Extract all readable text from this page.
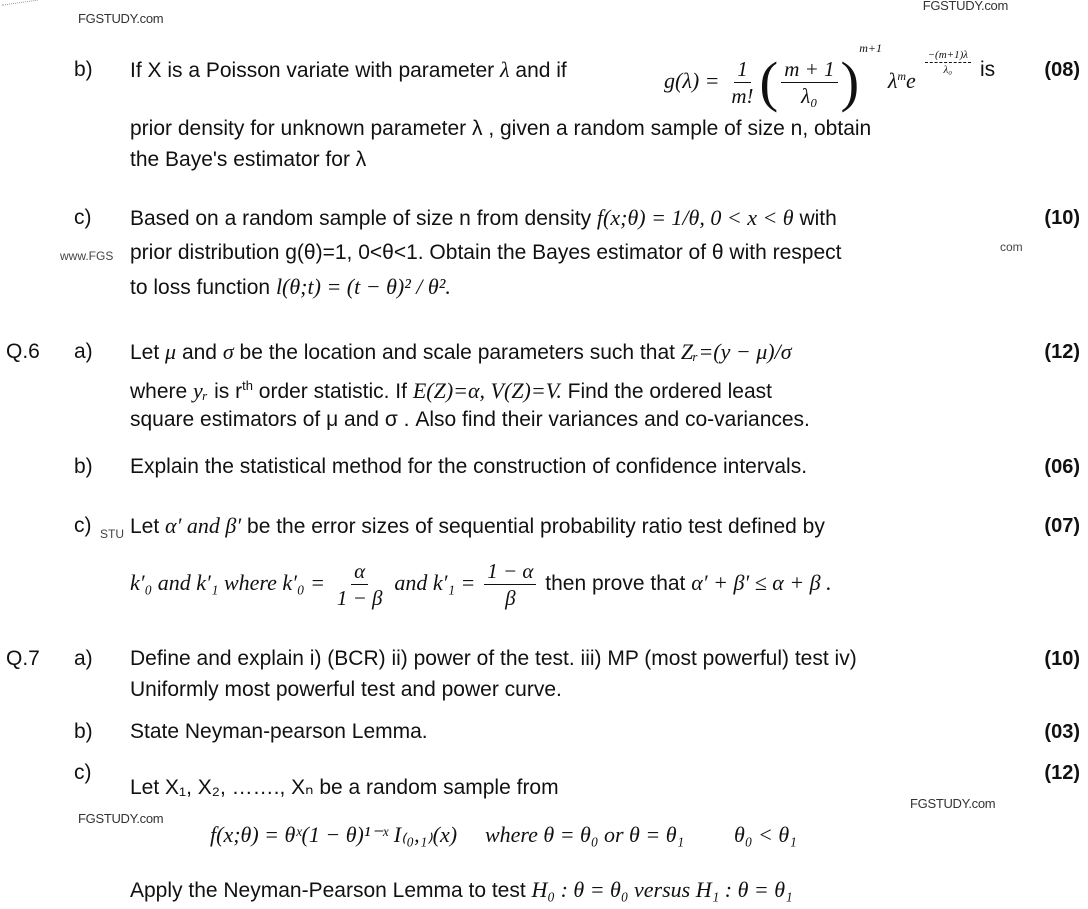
FGSTUDY.com
FGSTUDY.com
b) If X is a Poisson variate with parameter λ and if	$g(\lambda) = \frac{1}{m!}$ ( $\frac{m + 1}{\text{λ₀}} )^{m+1}$ $\lambda^me$
$\frac{-(m+1)\lambda}{\text{λ₀}}$ is (08)
prior density for unknown parameter λ , given a random sample of size n, obtain
the Baye's estimator for λ
c) Based on a random sample of size n from density f(x;θ) = 1/θ, 0 < x < θ with	(10)
www.FGS prior distribution g(θ)=1, 0<θ<1. Obtain the Bayes estimator of θ with respect	com
to loss function l(θ;t) = (t − θ)² / θ².
Q.6 a) Let μ and σ be the location and scale parameters such that Zᵣ=(y − μ)/σ	(12)
where yᵣ is $r^{th}$ order statistic. If E(Z)=α, V(Z)=V. Find the ordered least
square estimators of μ and σ . Also find their variances and co-variances.
b) Explain the statistical method for the construction of confidence intervals.	(06)
c) STU Let α′ and β′ be the error sizes of sequential probability ratio test defined by	(07)
k′₀ and k′₁ where $k'_0 = \frac{\alpha}{1 - \beta}$ and $k'_1 = \frac{1 - \alpha}{\beta}$ then prove that α′ + β′ ≤ α + β .
Q.7 a) Define and explain i) (BCR) ii) power of the test. iii) MP (most powerful) test iv)	(10)
Uniformly most powerful test and power curve.
b) State Neyman-pearson Lemma.	(03)
c)	(12)
Let X₁, X₂, ……., Xₙ be a random sample from
FGSTUDY.com
FGSTUDY.com
f(x;θ) = θˣ(1 − θ)¹⁻ˣ I₍₀,₁₎(x) where θ = θ₀ or θ = θ₁ θ₀ < θ₁
Apply the Neyman-Pearson Lemma to test H₀ : θ = θ₀ versus H₁ : θ = θ₁
